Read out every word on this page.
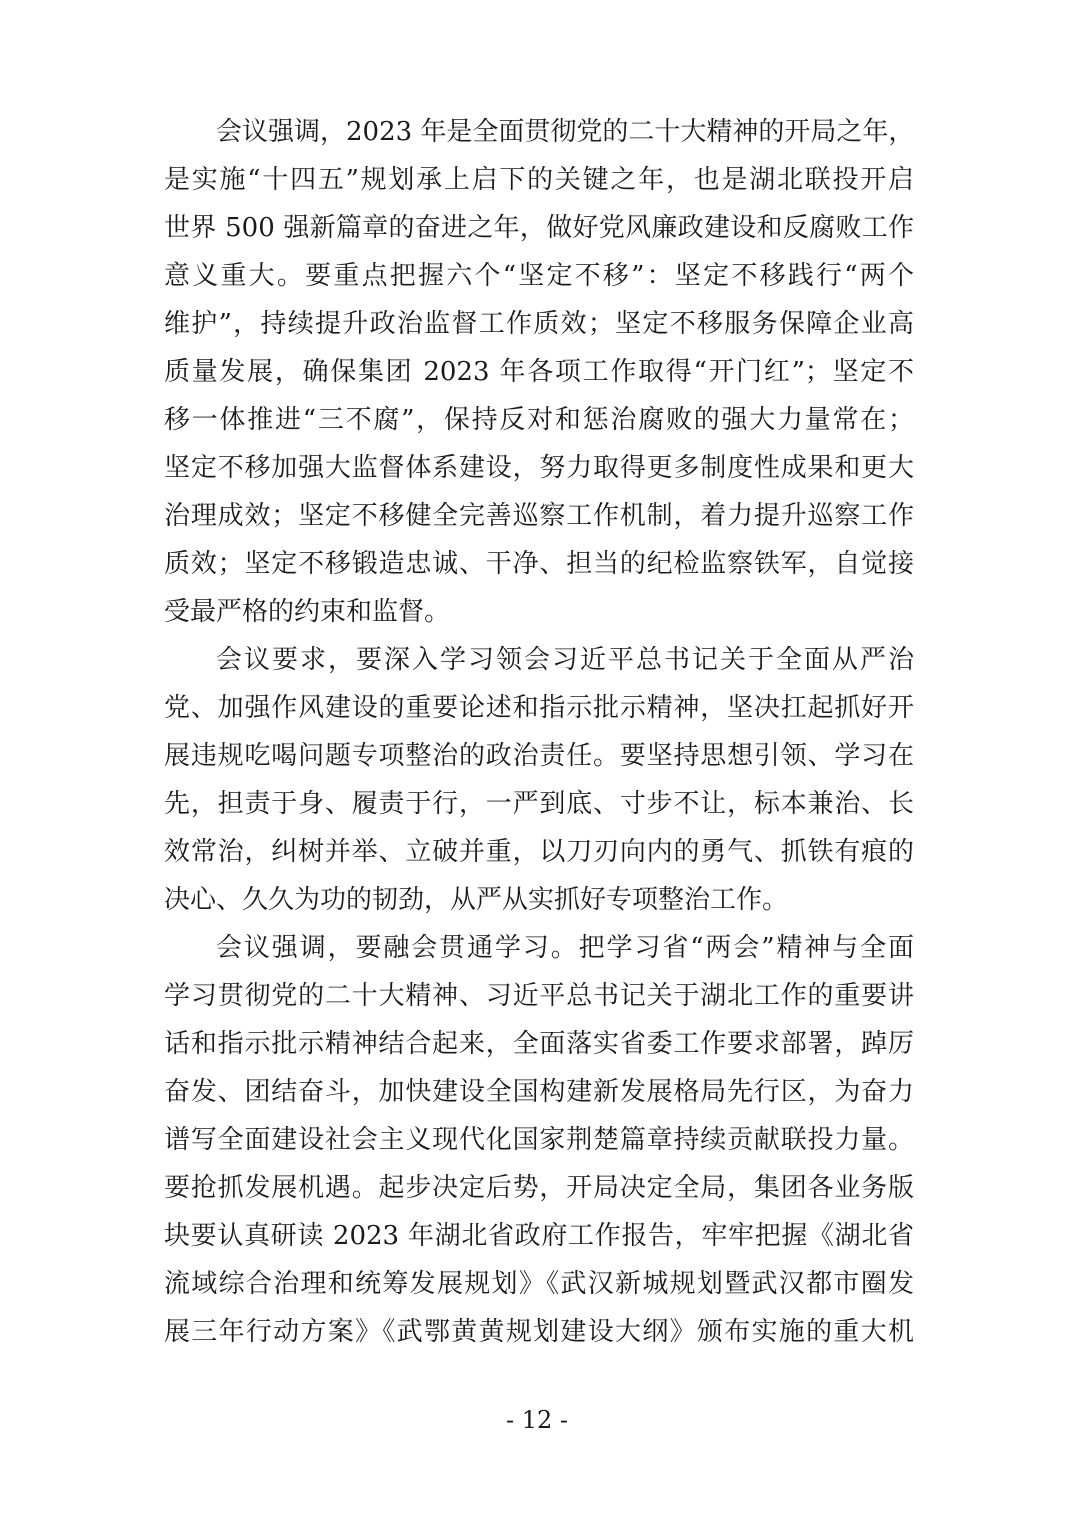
会议强调，2023 年是全面贯彻党的二十大精神的开局之年，
是实施“十四五”规划承上启下的关键之年，也是湖北联投开启
世界 500 强新篇章的奋进之年，做好党风廉政建设和反腐败工作
意义重大。要重点把握六个“坚定不移”：坚定不移践行“两个
维护”，持续提升政治监督工作质效；坚定不移服务保障企业高
质量发展，确保集团 2023 年各项工作取得“开门红”；坚定不
移一体推进“三不腐”，保持反对和惩治腐败的强大力量常在；
坚定不移加强大监督体系建设，努力取得更多制度性成果和更大
治理成效；坚定不移健全完善巡察工作机制，着力提升巡察工作
质效；坚定不移锻造忠诚、干净、担当的纪检监察铁军，自觉接
受最严格的约束和监督。
会议要求，要深入学习领会习近平总书记关于全面从严治
党、加强作风建设的重要论述和指示批示精神，坚决扛起抓好开
展违规吃喝问题专项整治的政治责任。要坚持思想引领、学习在
先，担责于身、履责于行，一严到底、寸步不让，标本兼治、长
效常治，纠树并举、立破并重，以刀刃向内的勇气、抓铁有痕的
决心、久久为功的韧劲，从严从实抓好专项整治工作。
会议强调，要融会贯通学习。把学习省“两会”精神与全面
学习贯彻党的二十大精神、习近平总书记关于湖北工作的重要讲
话和指示批示精神结合起来，全面落实省委工作要求部署，踔厉
奋发、团结奋斗，加快建设全国构建新发展格局先行区，为奋力
谱写全面建设社会主义现代化国家荆楚篇章持续贡献联投力量。
要抢抓发展机遇。起步决定后势，开局决定全局，集团各业务版
块要认真研读 2023 年湖北省政府工作报告，牢牢把握《湖北省
流域综合治理和统筹发展规划》《武汉新城规划暨武汉都市圈发
展三年行动方案》《武鄂黄黄规划建设大纲》颁布实施的重大机
- 12 -
